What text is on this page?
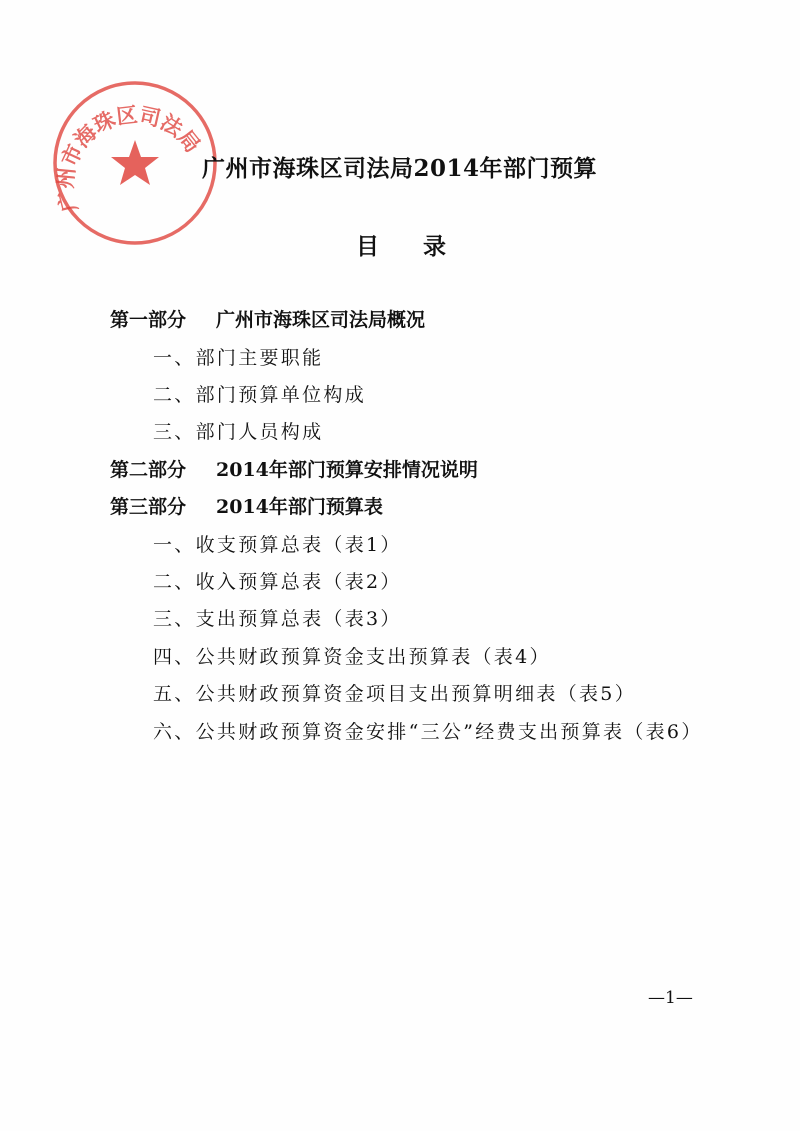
广州市海珠区司法局
广州市海珠区司法局2014年部门预算
目录
第一部分 广州市海珠区司法局概况
一、部门主要职能
二、部门预算单位构成
三、部门人员构成
第二部分 2014年部门预算安排情况说明
第三部分 2014年部门预算表
一、收支预算总表（表1）
二、收入预算总表（表2）
三、支出预算总表（表3）
四、公共财政预算资金支出预算表（表4）
五、公共财政预算资金项目支出预算明细表（表5）
六、公共财政预算资金安排“三公”经费支出预算表（表6）
—1—
